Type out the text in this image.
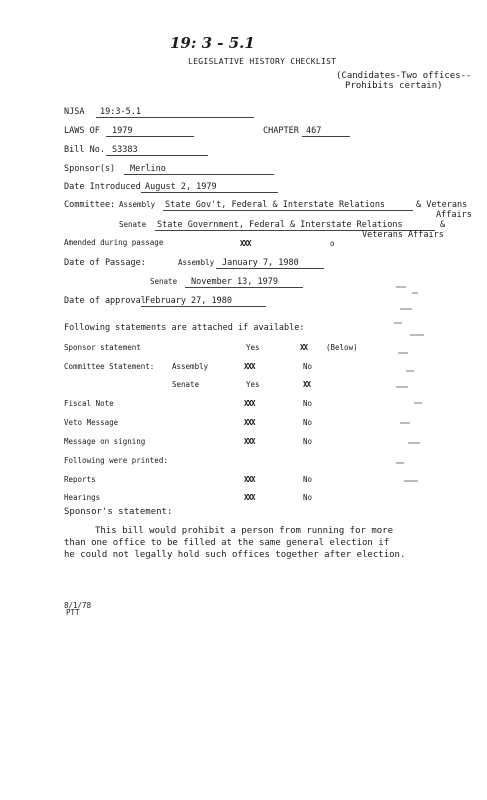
19: 3 - 5.1
LEGISLATIVE HISTORY CHECKLIST
(Candidates-Two offices--
Prohibits certain)
NJSA 19:3-5.1
LAWS OF 1979	CHAPTER 467
Bill No. S3383
Sponsor(s) Merlino
Date Introduced August 2, 1979
Committee: Assembly State Gov't, Federal & Interstate Relations	& Veterans
Affairs
Senate State Government, Federal & Interstate Relations	&
Veterans Affairs
Amended during passage	XXX	o
Date of Passage:	Assembly January 7, 1980
Senate November 13, 1979
Date of approval February 27, 1980
Following statements are attached if available:
Sponsor statement	Yes	XX	(Below)
Committee Statement: Assembly	XXX	No
Senate	Yes	XX
Fiscal Note	XXX	No
Veto Message	XXX	No
Message on signing	XXX	No
Following were printed:
Reports	XXX	No
Hearings	XXX	No
Sponsor's statement:
This bill would prohibit a person from running for more
than one office to be filled at the same general election if
he could not legally hold such offices together after election.
8/1/78
PTT
